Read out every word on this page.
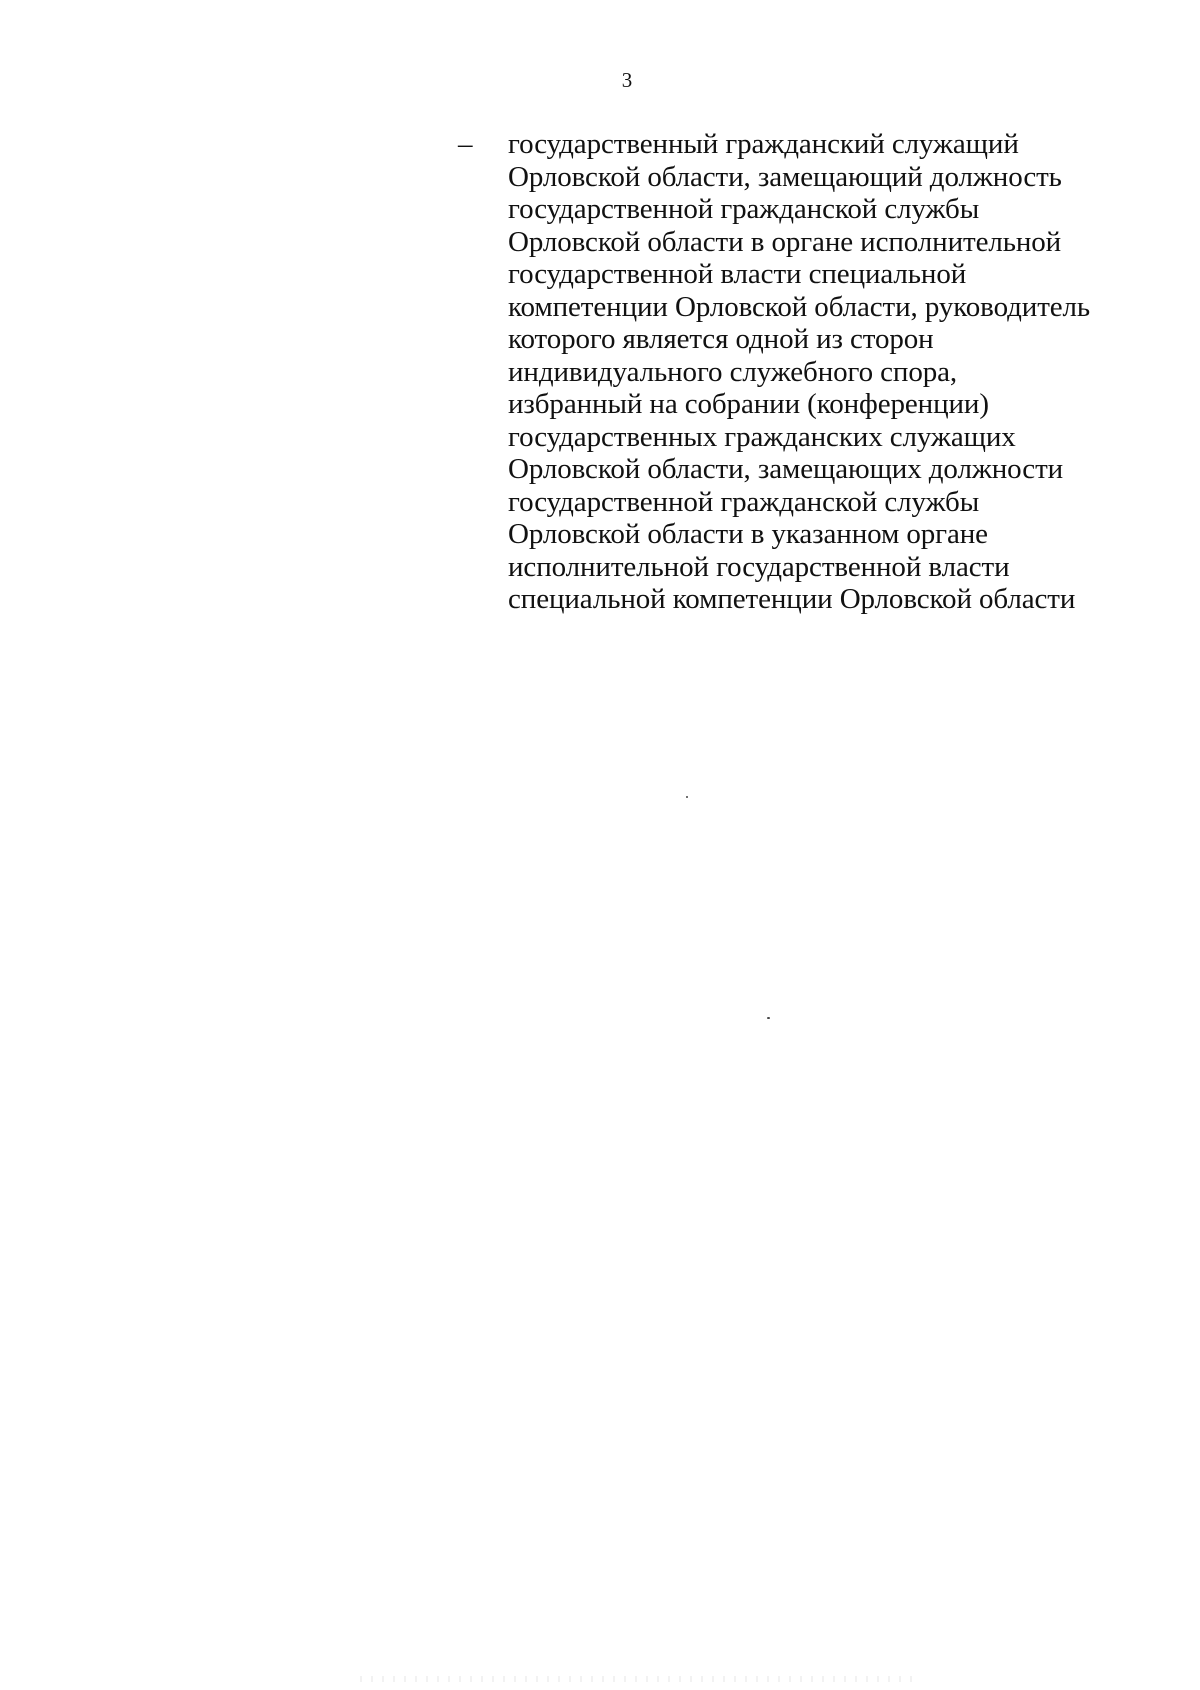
3
– государственный гражданский служащий
Орловской области, замещающий должность
государственной гражданской службы
Орловской области в органе исполнительной
государственной власти специальной
компетенции Орловской области, руководитель
которого является одной из сторон
индивидуального служебного спора,
избранный на собрании (конференции)
государственных гражданских служащих
Орловской области, замещающих должности
государственной гражданской службы
Орловской области в указанном органе
исполнительной государственной власти
специальной компетенции Орловской области
